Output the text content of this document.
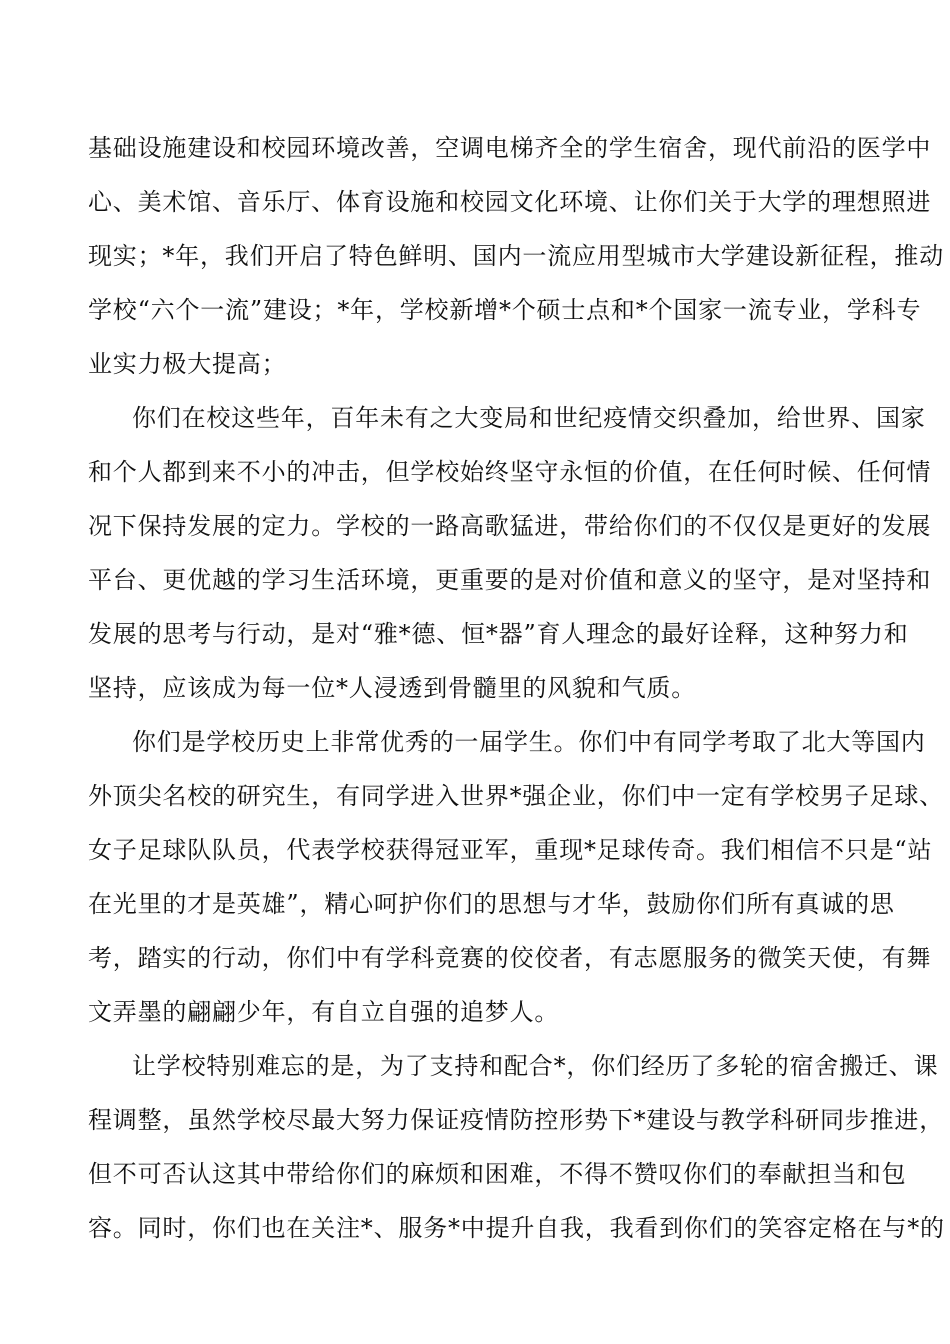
基础设施建设和校园环境改善，空调电梯齐全的学生宿舍，现代前沿的医学中
心、美术馆、音乐厅、体育设施和校园文化环境、让你们关于大学的理想照进
现实；*年，我们开启了特色鲜明、国内一流应用型城市大学建设新征程，推动
学校“六个一流”建设；*年，学校新增*个硕士点和*个国家一流专业，学科专
业实力极大提高；
你们在校这些年，百年未有之大变局和世纪疫情交织叠加，给世界、国家
和个人都到来不小的冲击，但学校始终坚守永恒的价值，在任何时候、任何情
况下保持发展的定力。学校的一路高歌猛进，带给你们的不仅仅是更好的发展
平台、更优越的学习生活环境，更重要的是对价值和意义的坚守，是对坚持和
发展的思考与行动，是对“雅*德、恒*器”育人理念的最好诠释，这种努力和
坚持，应该成为每一位*人浸透到骨髓里的风貌和气质。
你们是学校历史上非常优秀的一届学生。你们中有同学考取了北大等国内
外顶尖名校的研究生，有同学进入世界*强企业，你们中一定有学校男子足球、
女子足球队队员，代表学校获得冠亚军，重现*足球传奇。我们相信不只是“站
在光里的才是英雄”，精心呵护你们的思想与才华，鼓励你们所有真诚的思
考，踏实的行动，你们中有学科竞赛的佼佼者，有志愿服务的微笑天使，有舞
文弄墨的翩翩少年，有自立自强的追梦人。
让学校特别难忘的是，为了支持和配合*，你们经历了多轮的宿舍搬迁、课
程调整，虽然学校尽最大努力保证疫情防控形势下*建设与教学科研同步推进，
但不可否认这其中带给你们的麻烦和困难，不得不赞叹你们的奉献担当和包
容。同时，你们也在关注*、服务*中提升自我，我看到你们的笑容定格在与*的
